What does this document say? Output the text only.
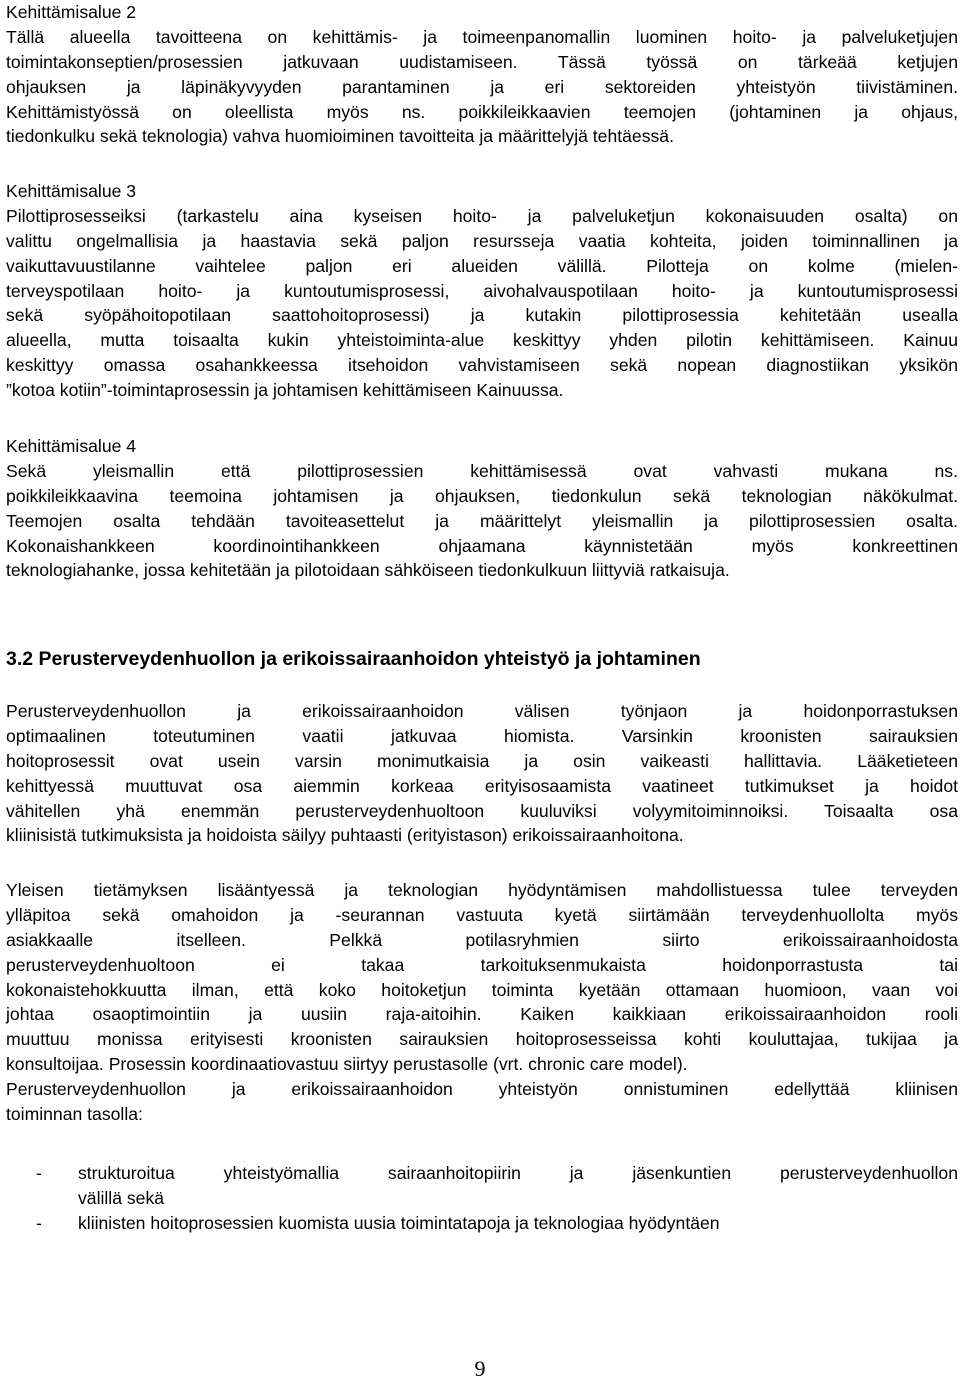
Kehittämisalue 2
Tällä alueella tavoitteena on kehittämis- ja toimeenpanomallin luominen hoito- ja palveluketjujen
toimintakonseptien/prosessien jatkuvaan uudistamiseen. Tässä työssä on tärkeää ketjujen
ohjauksen ja läpinäkyvyyden parantaminen ja eri sektoreiden yhteistyön tiivistäminen.
Kehittämistyössä on oleellista myös ns. poikkileikkaavien teemojen (johtaminen ja ohjaus,
tiedonkulku sekä teknologia) vahva huomioiminen tavoitteita ja määrittelyjä tehtäessä.
Kehittämisalue 3
Pilottiprosesseiksi (tarkastelu aina kyseisen hoito- ja palveluketjun kokonaisuuden osalta) on
valittu ongelmallisia ja haastavia sekä paljon resursseja vaatia kohteita, joiden toiminnallinen ja
vaikuttavuustilanne vaihtelee paljon eri alueiden välillä. Pilotteja on kolme (mielen-
terveyspotilaan hoito- ja kuntoutumisprosessi, aivohalvauspotilaan hoito- ja kuntoutumisprosessi
sekä syöpähoitopotilaan saattohoitoprosessi) ja kutakin pilottiprosessia kehitetään usealla
alueella, mutta toisaalta kukin yhteistoiminta-alue keskittyy yhden pilotin kehittämiseen. Kainuu
keskittyy omassa osahankkeessa itsehoidon vahvistamiseen sekä nopean diagnostiikan yksikön
”kotoa kotiin”-toimintaprosessin ja johtamisen kehittämiseen Kainuussa.
Kehittämisalue 4
Sekä yleismallin että pilottiprosessien kehittämisessä ovat vahvasti mukana ns.
poikkileikkaavina teemoina johtamisen ja ohjauksen, tiedonkulun sekä teknologian näkökulmat.
Teemojen osalta tehdään tavoiteasettelut ja määrittelyt yleismallin ja pilottiprosessien osalta.
Kokonaishankkeen koordinointihankkeen ohjaamana käynnistetään myös konkreettinen
teknologiahanke, jossa kehitetään ja pilotoidaan sähköiseen tiedonkulkuun liittyviä ratkaisuja.
3.2 Perusterveydenhuollon ja erikoissairaanhoidon yhteistyö ja johtaminen
Perusterveydenhuollon ja erikoissairaanhoidon välisen työnjaon ja hoidonporrastuksen
optimaalinen toteutuminen vaatii jatkuvaa hiomista. Varsinkin kroonisten sairauksien
hoitoprosessit ovat usein varsin monimutkaisia ja osin vaikeasti hallittavia. Lääketieteen
kehittyessä muuttuvat osa aiemmin korkeaa erityisosaamista vaatineet tutkimukset ja hoidot
vähitellen yhä enemmän perusterveydenhuoltoon kuuluviksi volyymitoiminnoiksi. Toisaalta osa
kliinisistä tutkimuksista ja hoidoista säilyy puhtaasti (erityistason) erikoissairaanhoitona.
Yleisen tietämyksen lisääntyessä ja teknologian hyödyntämisen mahdollistuessa tulee terveyden
ylläpitoa sekä omahoidon ja -seurannan vastuuta kyetä siirtämään terveydenhuollolta myös
asiakkaalle itselleen. Pelkkä potilasryhmien siirto erikoissairaanhoidosta
perusterveydenhuoltoon ei takaa tarkoituksenmukaista hoidonporrastusta tai
kokonaistehokkuutta ilman, että koko hoitoketjun toiminta kyetään ottamaan huomioon, vaan voi
johtaa osaoptimointiin ja uusiin raja-aitoihin. Kaiken kaikkiaan erikoissairaanhoidon rooli
muuttuu monissa erityisesti kroonisten sairauksien hoitoprosesseissa kohti kouluttajaa, tukijaa ja
konsultoijaa. Prosessin koordinaatiovastuu siirtyy perustasolle (vrt. chronic care model).
Perusterveydenhuollon ja erikoissairaanhoidon yhteistyön onnistuminen edellyttää kliinisen
toiminnan tasolla:
- strukturoitua yhteistyömallia sairaanhoitopiirin ja jäsenkuntien perusterveydenhuollon
välillä sekä
- kliinisten hoitoprosessien kuomista uusia toimintatapoja ja teknologiaa hyödyntäen
9
